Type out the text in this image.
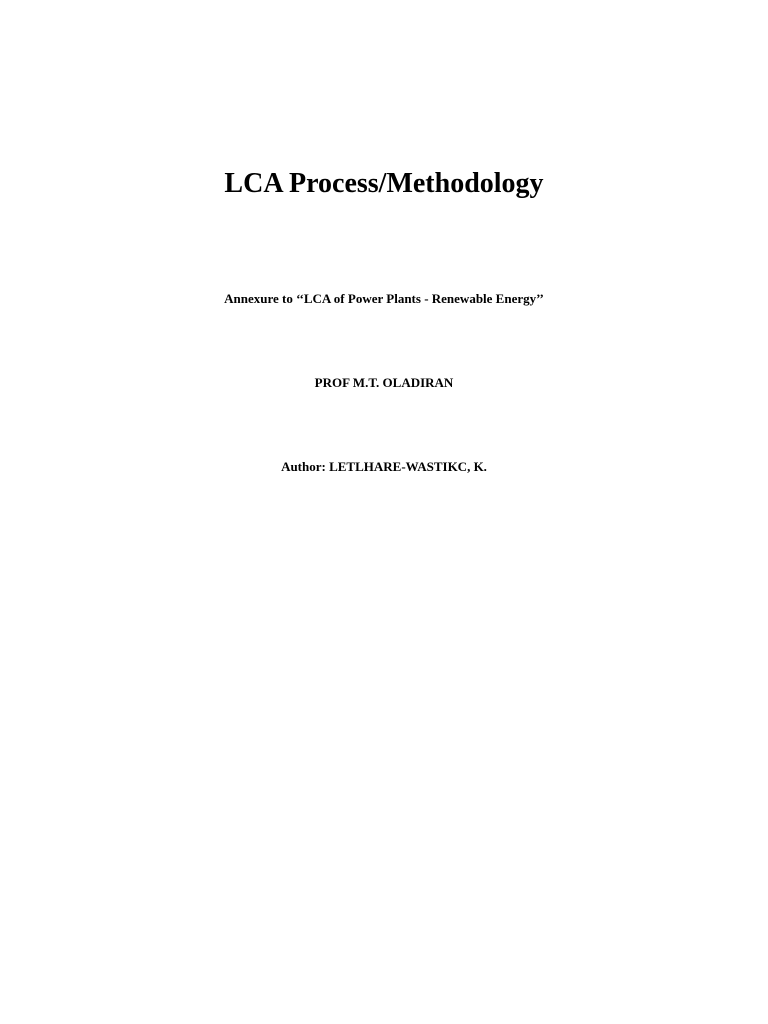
LCA Process/Methodology
Annexure to ‘‘LCA of Power Plants - Renewable Energy’’
PROF M.T. OLADIRAN
Author: LETLHARE-WASTIKC, K.
